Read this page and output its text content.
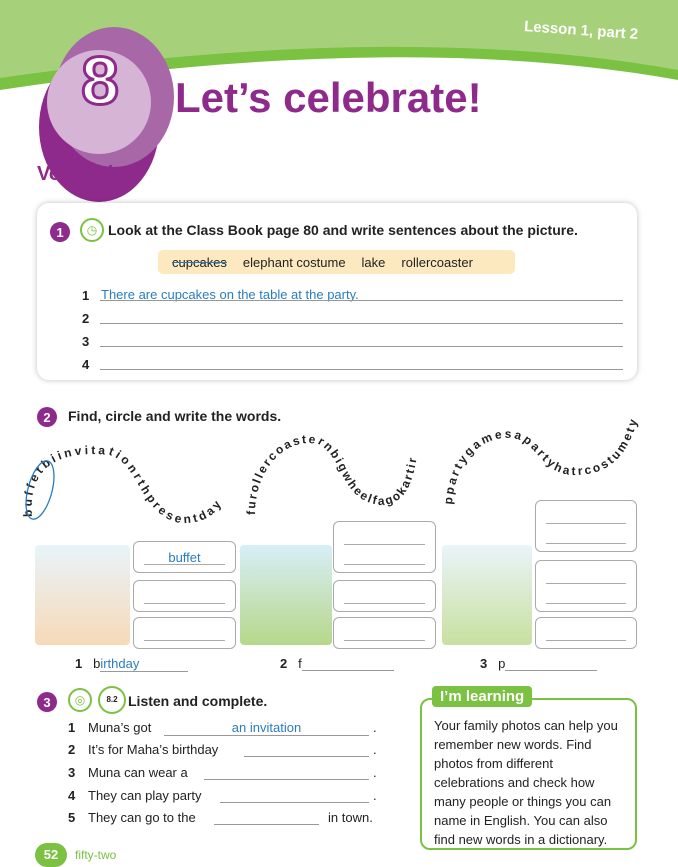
Lesson 1, part 2
8 Let’s celebrate!
Vocabulary
1	◷ Look at the Class Book page 80 and write sentences about the picture.
cupcakes elephant costume lake rollercoaster
1 There are cupcakes on the table at the party.
2
3
4
2	Find, circle and write the words.
buffetbiinvitationrthpresentday
furollercoasternbigwheelfagokartir
ppartygamesapartyhatrcostumety
buffet
1 birthday	2 f	3 p
3	◎	8.2 Listen and complete.
1 Muna’s got	an invitation	.
2 It’s for Maha’s birthday	.
3 Muna can wear a	.
4 They can play party	.
5 They can go to the	in town.
I’m learning
Your family photos can help you remember new words. Find photos from different celebrations and check how many people or things you can name in English. You can also find new words in a dictionary.
52	fifty-two
